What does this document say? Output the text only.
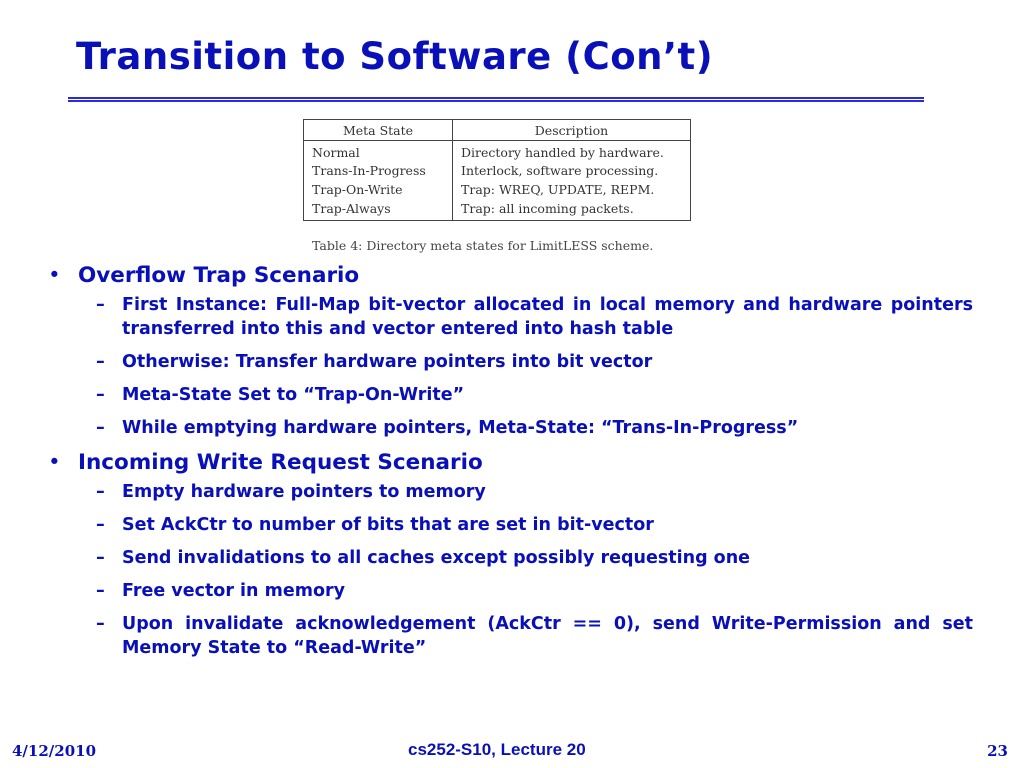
Transition to Software (Con’t)
Meta State	Description
Normal	Directory handled by hardware.
Trans-In-Progress	Interlock, software processing.
Trap-On-Write	Trap: WREQ, UPDATE, REPM.
Trap-Always	Trap: all incoming packets.
Table 4: Directory meta states for LimitLESS scheme.
• Overflow Trap Scenario
– First Instance: Full-Map bit-vector allocated in local memory and hardware pointers transferred into this and vector entered into hash table
– Otherwise: Transfer hardware pointers into bit vector
– Meta-State Set to “Trap-On-Write”
– While emptying hardware pointers, Meta-State: “Trans-In-Progress”
• Incoming Write Request Scenario
– Empty hardware pointers to memory
– Set AckCtr to number of bits that are set in bit-vector
– Send invalidations to all caches except possibly requesting one
– Free vector in memory
– Upon invalidate acknowledgement (AckCtr == 0), send Write-Permission and set Memory State to “Read-Write”
4/12/2010	cs252-S10, Lecture 20	23
